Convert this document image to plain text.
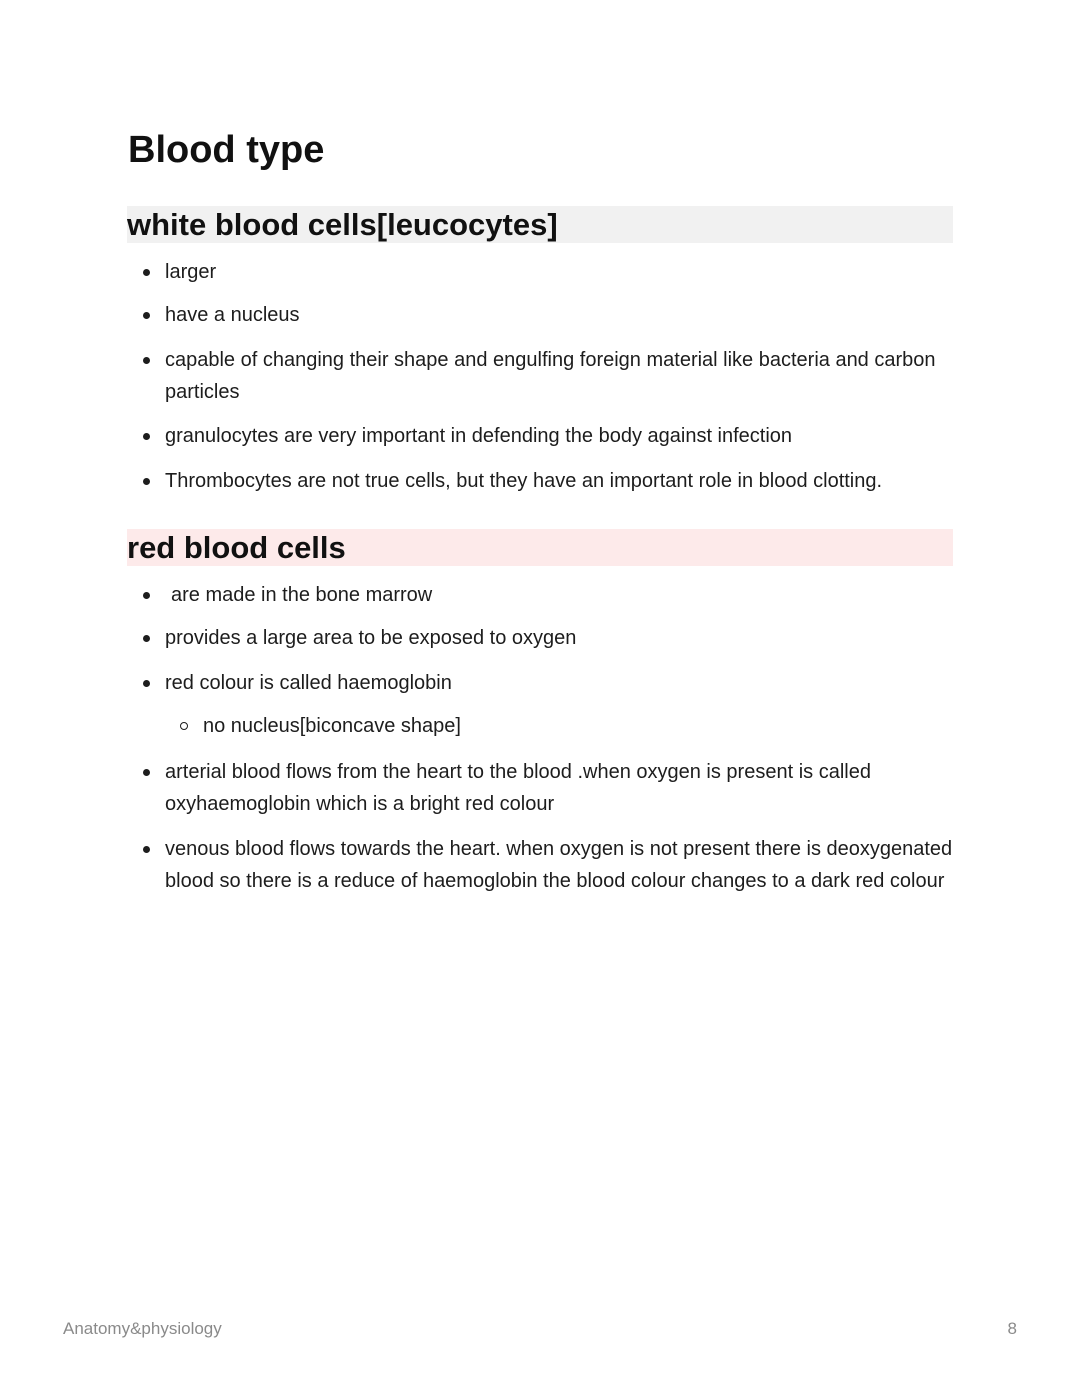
Blood type
white blood cells[leucocytes]
larger
have a nucleus
capable of changing their shape and engulfing foreign material like bacteria and carbon particles
granulocytes are very important in defending the body against infection
Thrombocytes are not true cells, but they have an important role in blood clotting.
red blood cells
are made in the bone marrow
provides a large area to be exposed to oxygen
red colour is called haemoglobin
no nucleus[biconcave shape]
arterial blood flows from the heart to the blood .when oxygen is present is called oxyhaemoglobin which is a bright red colour
venous blood flows towards the heart. when oxygen is not present there is deoxygenated blood so there is a reduce of haemoglobin the blood colour changes to a dark red colour
Anatomy&physiology	8
